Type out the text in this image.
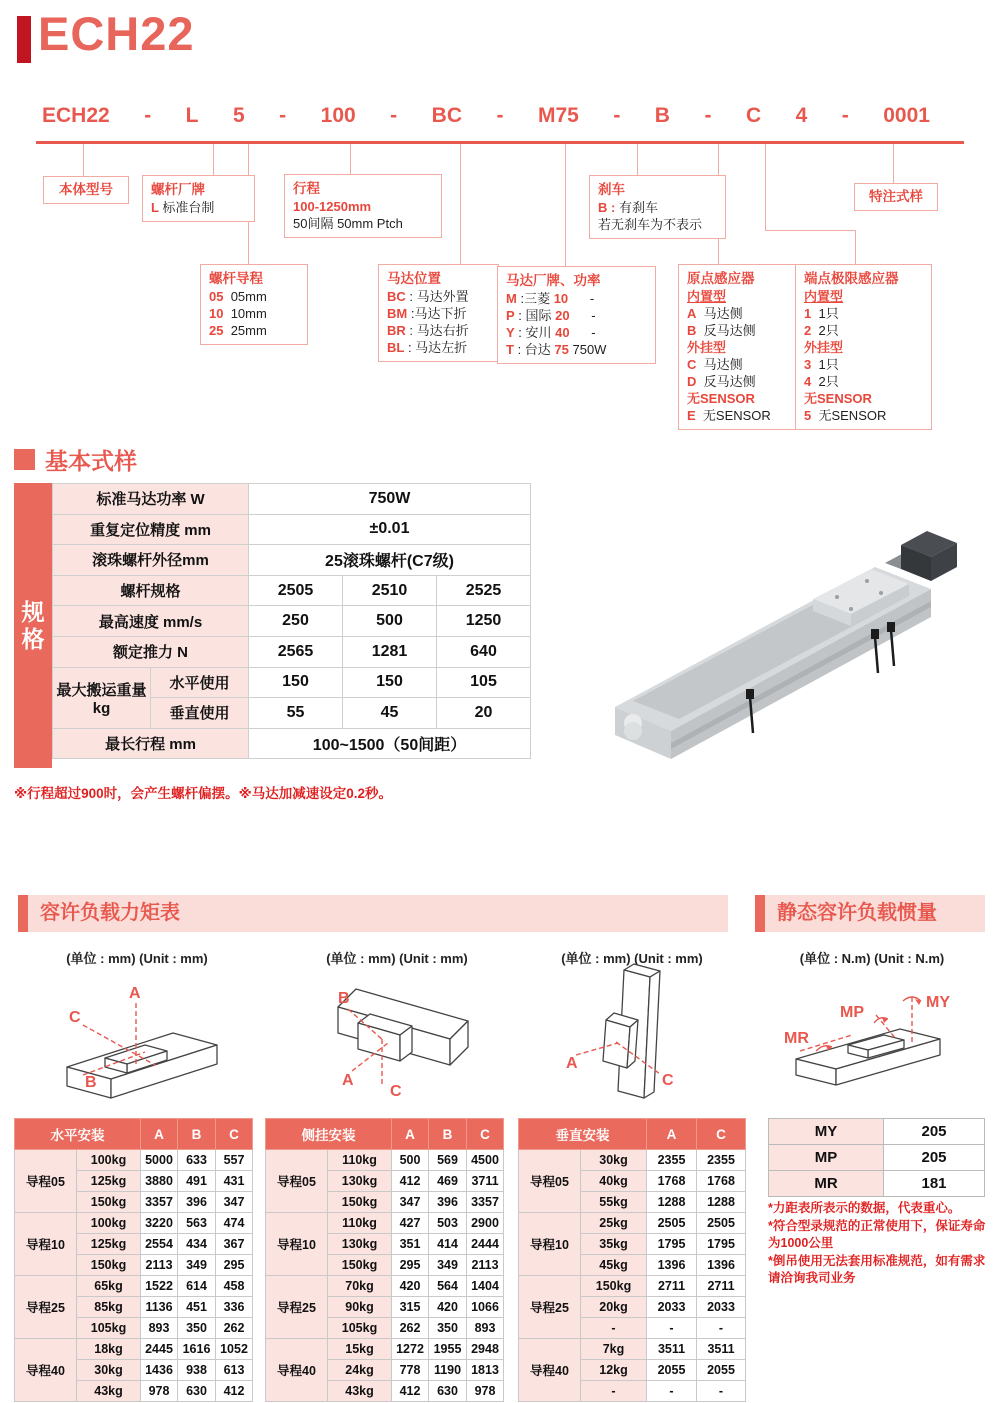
ECH22
ECH22 - L 5 - 100 - BC - M75 - B - C 4 - 0001
本体型号	螺杆厂牌
L 标准台制
行程
100-1250mm
50间隔 50mm Ptch
刹车
B : 有刹车
若无刹车为不表示
特注式样
螺杆导程
05  05mm
10  10mm
25  25mm
马达位置
BC : 马达外置
BM :马达下折
BR : 马达右折
BL : 马达左折
马达厂牌、功率
M :三菱 10      -
P : 国际 20      -
Y : 安川 40      -
T : 台达 75 750W
原点感应器
内置型
A  马达侧
B  反马达侧
外挂型
C  马达侧
D  反马达侧
无SENSOR
E  无SENSOR
端点极限感应器
内置型
1  1只
2  2只
外挂型
3  1只
4  2只
无SENSOR
5  无SENSOR
基本式样
规
格
标准马达功率 W		750W		
重复定位精度 mm		±0.01		
滚珠螺杆外径mm		25滚珠螺杆(C7级)		
螺杆规格		2505	2510	2525
最高速度 mm/s		250	500	1250
额定推力 N		2565	1281	640
最大搬运重量
kg	水平使用	150	150	105
	垂直使用	55	45	20
最长行程 mm		100~1500（50间距）		
※行程超过900时，会产生螺杆偏摆。※马达加减速设定0.2秒。
容许负载力矩表	静态容许负载惯量
(单位 : mm) (Unit : mm)	(单位 : mm) (Unit : mm)	(单位 : mm) (Unit : mm)	(单位 : N.m) (Unit : N.m)
A
C
B
B
A
C
A
C
MP
MY
MR
水平安装		A	B	C
导程05	100kg	5000	633	557
	125kg	3880	491	431
	150kg	3357	396	347
导程10	100kg	3220	563	474
	125kg	2554	434	367
	150kg	2113	349	295
导程25	65kg	1522	614	458
	85kg	1136	451	336
	105kg	893	350	262
导程40	18kg	2445	1616	1052
	30kg	1436	938	613
	43kg	978	630	412
侧挂安装		A	B	C
导程05	110kg	500	569	4500
	130kg	412	469	3711
	150kg	347	396	3357
导程10	110kg	427	503	2900
	130kg	351	414	2444
	150kg	295	349	2113
导程25	70kg	420	564	1404
	90kg	315	420	1066
	105kg	262	350	893
导程40	15kg	1272	1955	2948
	24kg	778	1190	1813
	43kg	412	630	978
垂直安装		A	C
导程05	30kg	2355	2355
	40kg	1768	1768
	55kg	1288	1288
导程10	25kg	2505	2505
	35kg	1795	1795
	45kg	1396	1396
导程25	150kg	2711	2711
	20kg	2033	2033
	-	-	-
导程40	7kg	3511	3511
	12kg	2055	2055
	-	-	-
MY	205
MP	205
MR	181
*力距表所表示的数据，代表重心。
*符合型录规范的正常使用下，保证寿命为1000公里
*倒吊使用无法套用标准规范，如有需求请洽询我司业务
